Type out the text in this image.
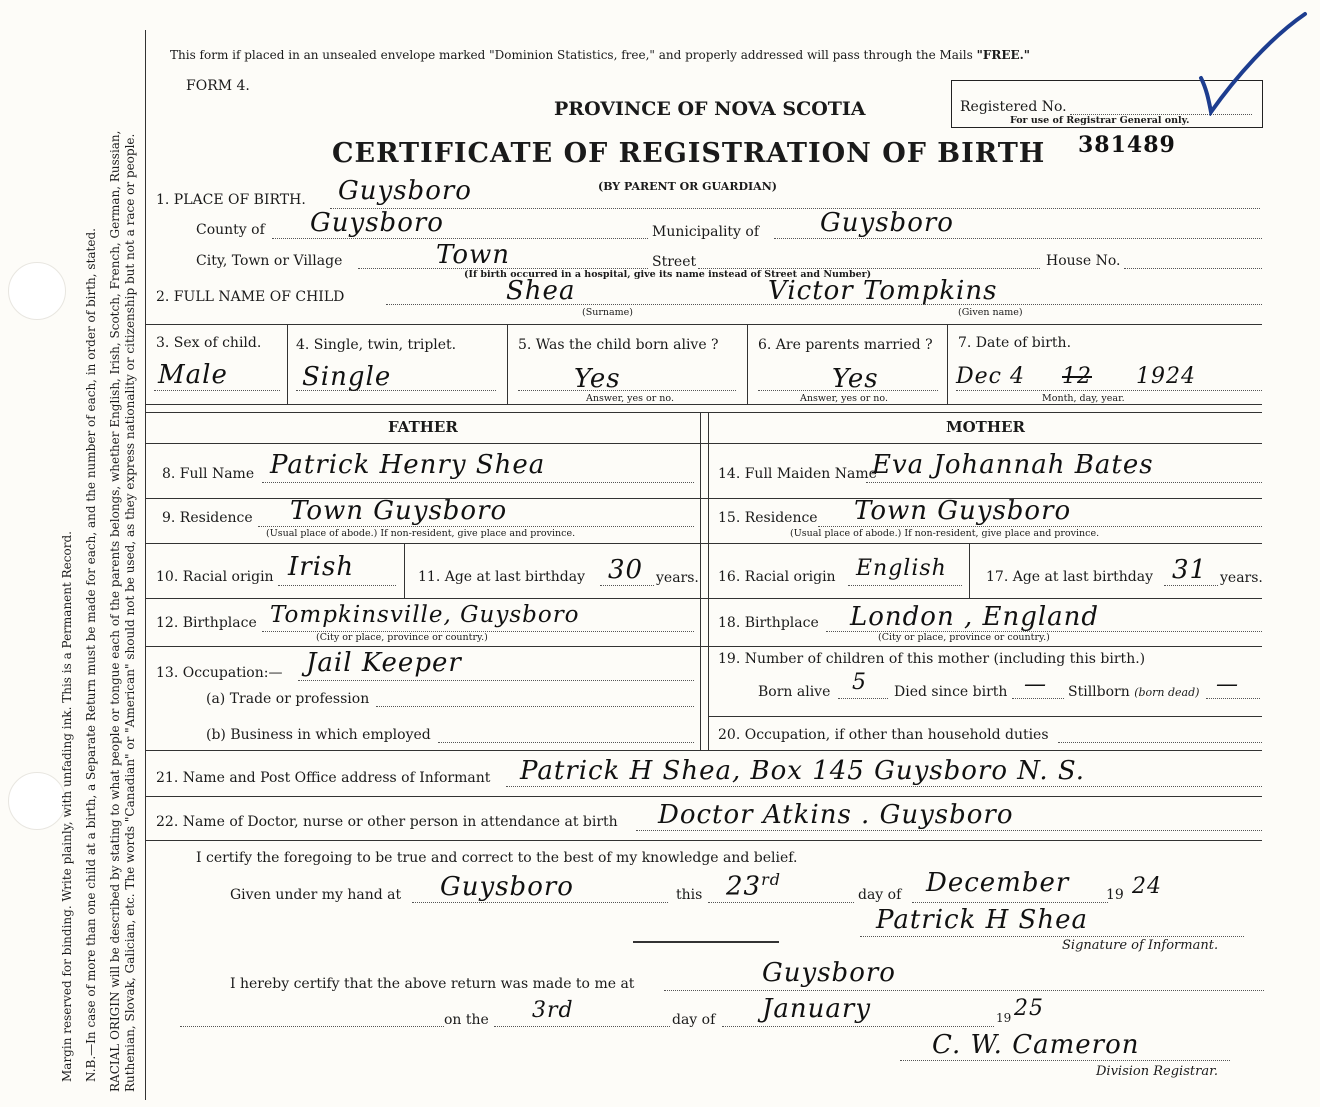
Margin reserved for binding. Write plainly, with unfading ink. This is a Permanent Record. N.B.—In case of more than one child at a birth, a Separate Return must be made for each, and the number of each, in order of birth, stated. RACIAL ORIGIN will be described by stating to what people or tongue each of the parents belongs, whether English, Irish, Scotch, French, German, Russian, Ruthenian, Slovak, Galician, etc. The words "Canadian" or "American" should not be used, as they express nationality or citizenship but not a race or people.
This form if placed in an unsealed envelope marked "Dominion Statistics, free," and properly addressed will pass through the Mails "FREE."
FORM 4.
PROVINCE OF NOVA SCOTIA
CERTIFICATE OF REGISTRATION OF BIRTH
(BY PARENT OR GUARDIAN)
Registered No.
For use of Registrar General only.
381489
1. PLACE OF BIRTH. Guysboro
County of Guysboro	Municipality of Guysboro
City, Town or Village	Town	Street	House No.
(If birth occurred in a hospital, give its name instead of Street and Number)
2. FULL NAME OF CHILD	Shea
(Surname)
Victor Tompkins
(Given name)
3. Sex of child.
Male
4. Single, twin, triplet.
Single
5. Was the child born alive ?
Yes
Answer, yes or no.
6. Are parents married ?
Yes
Answer, yes or no.
7. Date of birth.
Dec 4 12 1924
Month, day, year.
FATHER	MOTHER
8. Full Name Patrick Henry Shea
9. Residence Town Guysboro
(Usual place of abode.) If non-resident, give place and province.
10. Racial origin Irish	11. Age at last birthday 30 years.
12. Birthplace Tompkinsville, Guysboro
(City or place, province or country.)
13. Occupation:— Jail Keeper
(a) Trade or profession
(b) Business in which employed
14. Full Maiden Name
Eva Johannah Bates
15. Residence Town Guysboro
(Usual place of abode.) If non-resident, give place and province.
16. Racial origin English	17. Age at last birthday 31 years.
18. Birthplace London , England
(City or place, province or country.)
19. Number of children of this mother (including this birth.)
Born alive 5 Died since birth — Stillborn (born dead) —
20. Occupation, if other than household duties
21. Name and Post Office address of Informant Patrick H Shea, Box 145 Guysboro N. S.
22. Name of Doctor, nurse or other person in attendance at birth Doctor Atkins . Guysboro
I certify the foregoing to be true and correct to the best of my knowledge and belief.
Given under my hand at Guysboro	this 23rd
day of December	19 24
Patrick H Shea
Signature of Informant.
I hereby certify that the above return was made to me at	Guysboro
on the 3rd	day of January	19 25
C. W. Cameron
Division Registrar.
